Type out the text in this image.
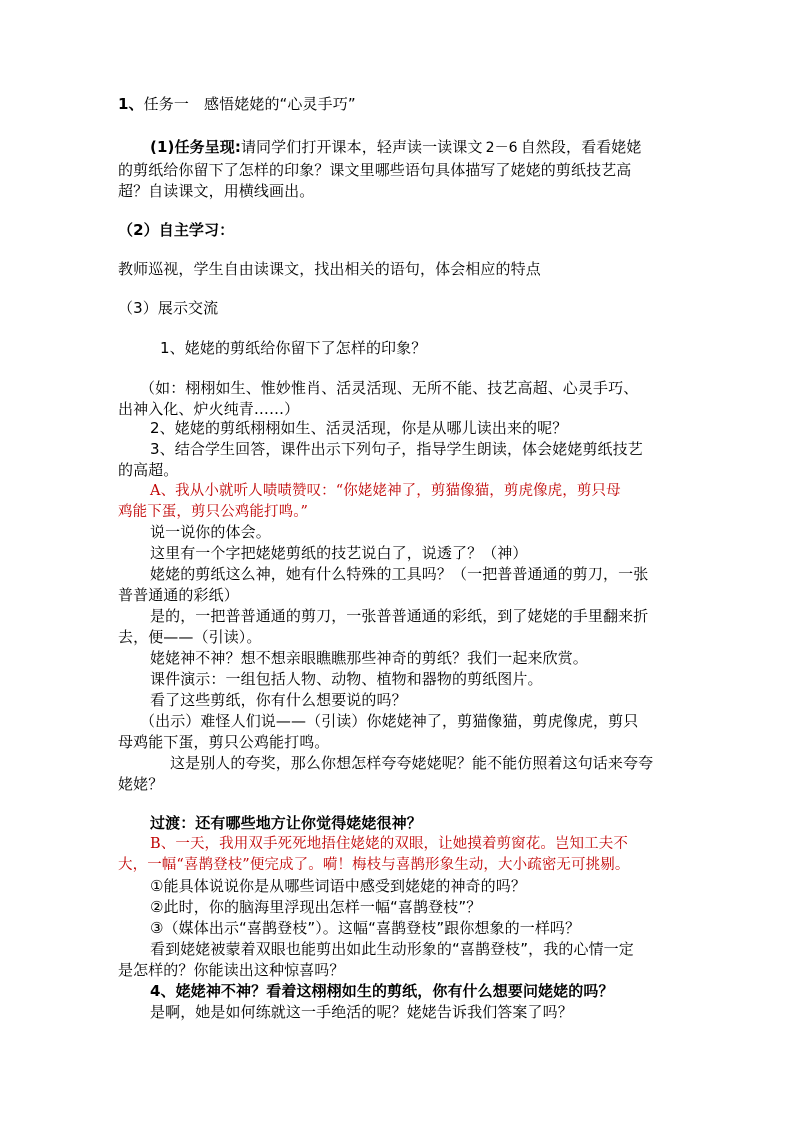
1、任务一　感悟姥姥的“心灵手巧”
(1)任务呈现:请同学们打开课本，轻声读一读课文 2－6 自然段，看看姥姥
的剪纸给你留下了怎样的印象？课文里哪些语句具体描写了姥姥的剪纸技艺高
超？自读课文，用横线画出。
（2）自主学习：
教师巡视，学生自由读课文，找出相关的语句，体会相应的特点
（3）展示交流
1、姥姥的剪纸给你留下了怎样的印象？
（如：栩栩如生、惟妙惟肖、活灵活现、无所不能、技艺高超、心灵手巧、
出神入化、炉火纯青……）
2、姥姥的剪纸栩栩如生、活灵活现，你是从哪儿读出来的呢？
3、结合学生回答，课件出示下列句子，指导学生朗读，体会姥姥剪纸技艺
的高超。
A、我从小就听人啧啧赞叹：“你姥姥神了，剪猫像猫，剪虎像虎，剪只母
鸡能下蛋，剪只公鸡能打鸣。”
说一说你的体会。
这里有一个字把姥姥剪纸的技艺说白了，说透了？（神）
姥姥的剪纸这么神，她有什么特殊的工具吗？（一把普普通通的剪刀，一张
普普通通的彩纸）
是的，一把普普通通的剪刀，一张普普通通的彩纸，到了姥姥的手里翻来折
去，便——（引读）。
姥姥神不神？想不想亲眼瞧瞧那些神奇的剪纸？我们一起来欣赏。
课件演示：一组包括人物、动物、植物和器物的剪纸图片。
看了这些剪纸，你有什么想要说的吗？
（出示）难怪人们说——（引读）你姥姥神了，剪猫像猫，剪虎像虎，剪只
母鸡能下蛋，剪只公鸡能打鸣。
这是别人的夸奖，那么你想怎样夸夸姥姥呢？能不能仿照着这句话来夸夸
姥姥？
过渡：还有哪些地方让你觉得姥姥很神？
B、一天，我用双手死死地捂住姥姥的双眼，让她摸着剪窗花。岂知工夫不
大，一幅“喜鹊登枝”便完成了。嗬！梅枝与喜鹊形象生动，大小疏密无可挑剔。
①能具体说说你是从哪些词语中感受到姥姥的神奇的吗？
②此时，你的脑海里浮现出怎样一幅“喜鹊登枝”？
③（媒体出示“喜鹊登枝”）。这幅“喜鹊登枝”跟你想象的一样吗？
看到姥姥被蒙着双眼也能剪出如此生动形象的“喜鹊登枝”，我的心情一定
是怎样的？你能读出这种惊喜吗？
4、姥姥神不神？看着这栩栩如生的剪纸，你有什么想要问姥姥的吗？
是啊，她是如何练就这一手绝活的呢？姥姥告诉我们答案了吗？
